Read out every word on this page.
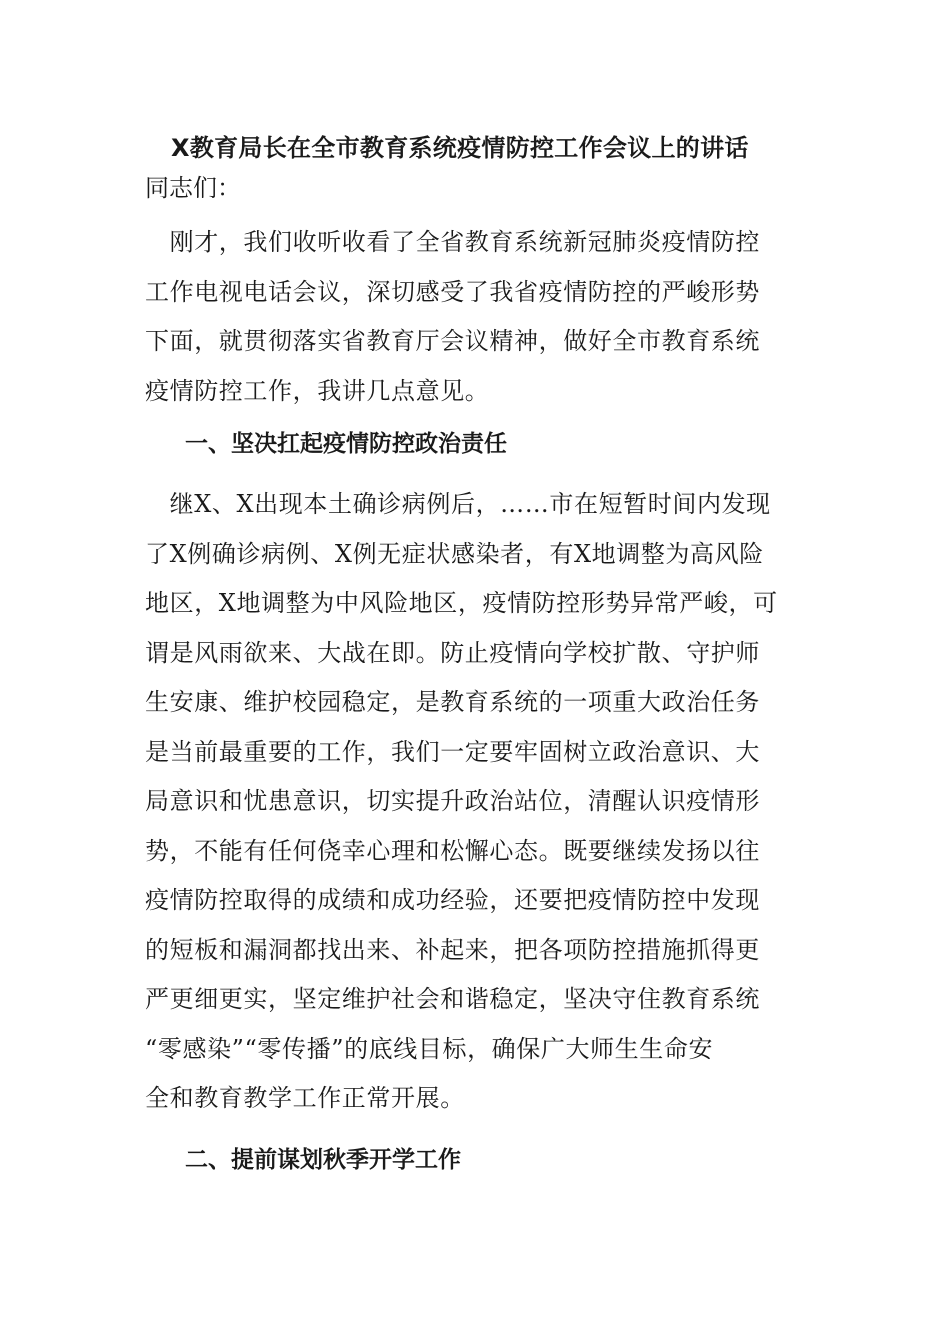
X教育局长在全市教育系统疫情防控工作会议上的讲话

同志们：

　刚才，我们收听收看了全省教育系统新冠肺炎疫情防控
工作电视电话会议，深切感受了我省疫情防控的严峻形势
下面，就贯彻落实省教育厅会议精神，做好全市教育系统
疫情防控工作，我讲几点意见。
一、坚决扛起疫情防控政治责任
　继X、X出现本土确诊病例后，……市在短暂时间内发现
了X例确诊病例、X例无症状感染者，有X地调整为高风险
地区，X地调整为中风险地区，疫情防控形势异常严峻，可
谓是风雨欲来、大战在即。防止疫情向学校扩散、守护师
生安康、维护校园稳定，是教育系统的一项重大政治任务
是当前最重要的工作，我们一定要牢固树立政治意识、大
局意识和忧患意识，切实提升政治站位，清醒认识疫情形
势，不能有任何侥幸心理和松懈心态。既要继续发扬以往
疫情防控取得的成绩和成功经验，还要把疫情防控中发现
的短板和漏洞都找出来、补起来，把各项防控措施抓得更
严更细更实，坚定维护社会和谐稳定，坚决守住教育系统
“零感染”“零传播”的底线目标，确保广大师生生命安
全和教育教学工作正常开展。
二、提前谋划秋季开学工作
